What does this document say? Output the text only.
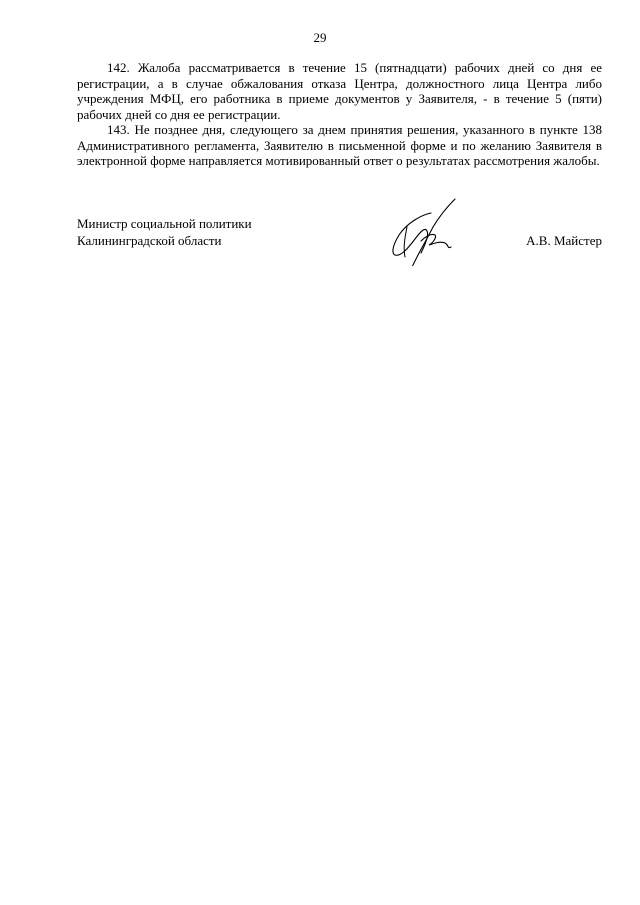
29

142. Жалоба рассматривается в течение 15 (пятнадцати) рабочих дней со дня ее регистрации, а в случае обжалования отказа Центра, должностного лица Центра либо учреждения МФЦ, его работника в приеме документов у Заявителя, - в течение 5 (пяти) рабочих дней со дня ее регистрации.

143. Не позднее дня, следующего за днем принятия решения, указанного в пункте 138 Административного регламента, Заявителю в письменной форме и по желанию Заявителя в электронной форме направляется мотивированный ответ о результатах рассмотрения жалобы.

Министр социальной политики
Калининградской области	А.В. Майстер
